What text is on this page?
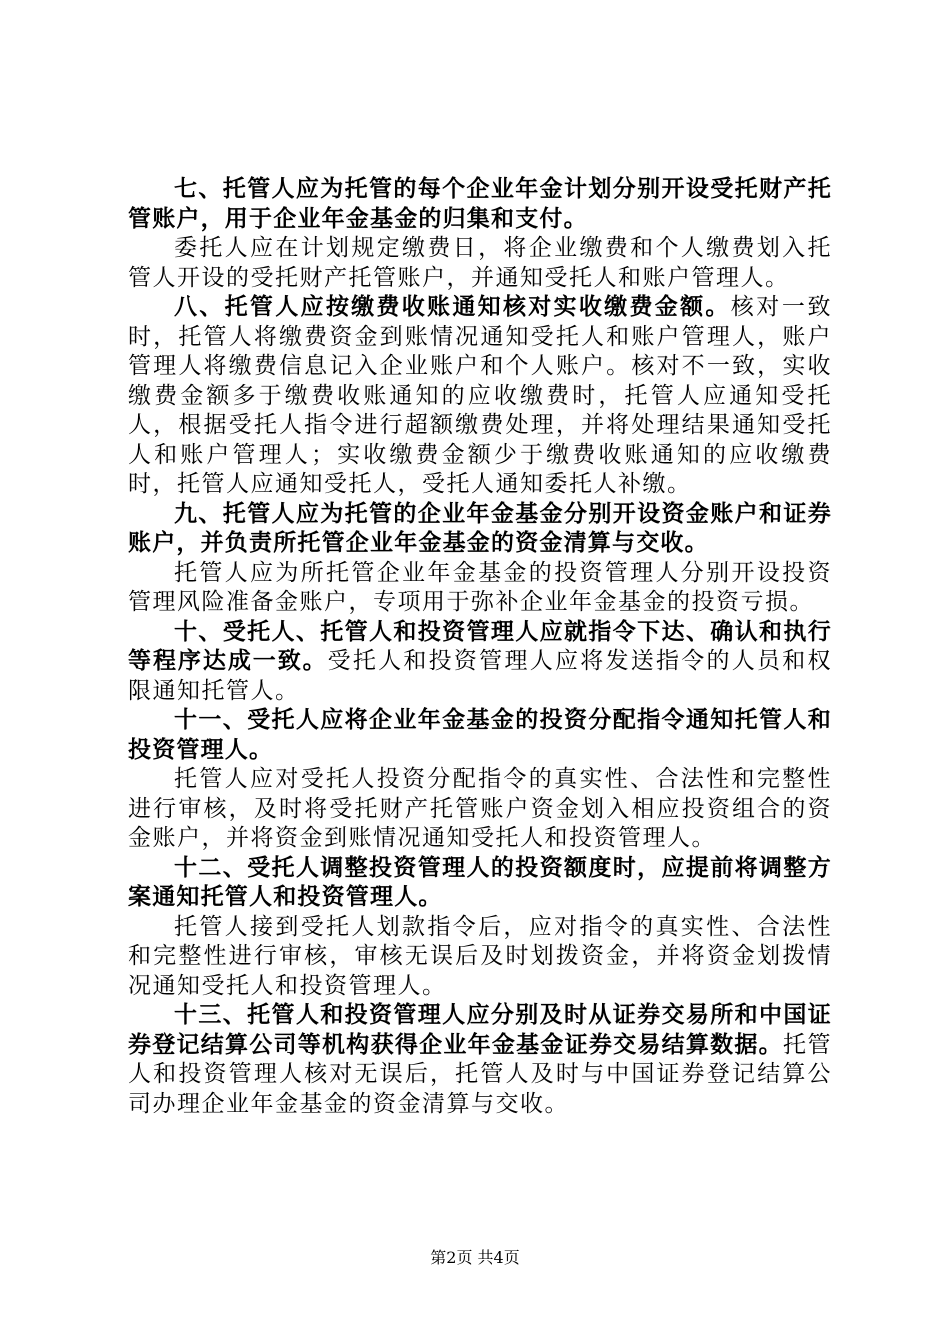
七、托管人应为托管的每个企业年金计划分别开设受托财产托管账户，用于企业年金基金的归集和支付。

委托人应在计划规定缴费日，将企业缴费和个人缴费划入托管人开设的受托财产托管账户，并通知受托人和账户管理人。

八、托管人应按缴费收账通知核对实收缴费金额。核对一致时，托管人将缴费资金到账情况通知受托人和账户管理人，账户管理人将缴费信息记入企业账户和个人账户。核对不一致，实收缴费金额多于缴费收账通知的应收缴费时，托管人应通知受托人，根据受托人指令进行超额缴费处理，并将处理结果通知受托人和账户管理人；实收缴费金额少于缴费收账通知的应收缴费时，托管人应通知受托人，受托人通知委托人补缴。

九、托管人应为托管的企业年金基金分别开设资金账户和证券账户，并负责所托管企业年金基金的资金清算与交收。

托管人应为所托管企业年金基金的投资管理人分别开设投资管理风险准备金账户，专项用于弥补企业年金基金的投资亏损。

十、受托人、托管人和投资管理人应就指令下达、确认和执行等程序达成一致。受托人和投资管理人应将发送指令的人员和权限通知托管人。

十一、受托人应将企业年金基金的投资分配指令通知托管人和投资管理人。

托管人应对受托人投资分配指令的真实性、合法性和完整性进行审核，及时将受托财产托管账户资金划入相应投资组合的资金账户，并将资金到账情况通知受托人和投资管理人。

十二、受托人调整投资管理人的投资额度时，应提前将调整方案通知托管人和投资管理人。

托管人接到受托人划款指令后，应对指令的真实性、合法性和完整性进行审核，审核无误后及时划拨资金，并将资金划拨情况通知受托人和投资管理人。

十三、托管人和投资管理人应分别及时从证券交易所和中国证券登记结算公司等机构获得企业年金基金证券交易结算数据。托管人和投资管理人核对无误后，托管人及时与中国证券登记结算公司办理企业年金基金的资金清算与交收。

第2页 共4页
